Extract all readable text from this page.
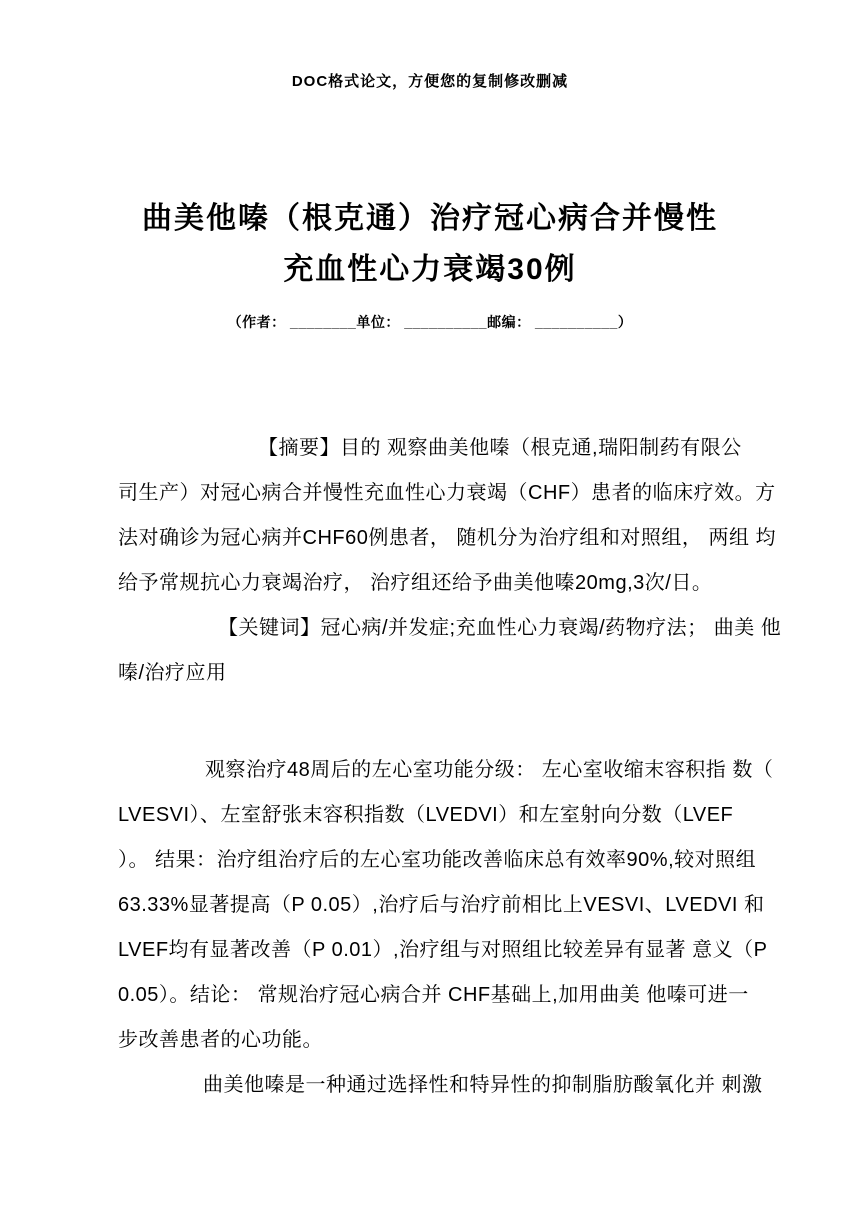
DOC格式论文，方便您的复制修改删减
曲美他嗪（根克通）治疗冠心病合并慢性
充血性心力衰竭30例
（作者： ________单位： __________邮编： __________）
【摘要】目的 观察曲美他嗪（根克通,瑞阳制药有限公
司生产）对冠心病合并慢性充血性心力衰竭（CHF）患者的临床疗效。方
法对确诊为冠心病并CHF60例患者， 随机分为治疗组和对照组， 两组 均
给予常规抗心力衰竭治疗， 治疗组还给予曲美他嗪20mg,3次/日。
【关键词】冠心病/并发症;充血性心力衰竭/药物疗法； 曲美 他
嗪/治疗应用
观察治疗48周后的左心室功能分级： 左心室收缩末容积指 数（
LVESVI）、左室舒张末容积指数（LVEDVI）和左室射向分数（LVEF
）。 结果：治疗组治疗后的左心室功能改善临床总有效率90%,较对照组
63.33%显著提高（P 0.05）,治疗后与治疗前相比上VESVI、LVEDVI 和
LVEF均有显著改善（P 0.01）,治疗组与对照组比较差异有显著 意义（P
0.05）。结论： 常规治疗冠心病合并 CHF基础上,加用曲美 他嗪可进一
步改善患者的心功能。
曲美他嗪是一种通过选择性和特异性的抑制脂肪酸氧化并 刺激
